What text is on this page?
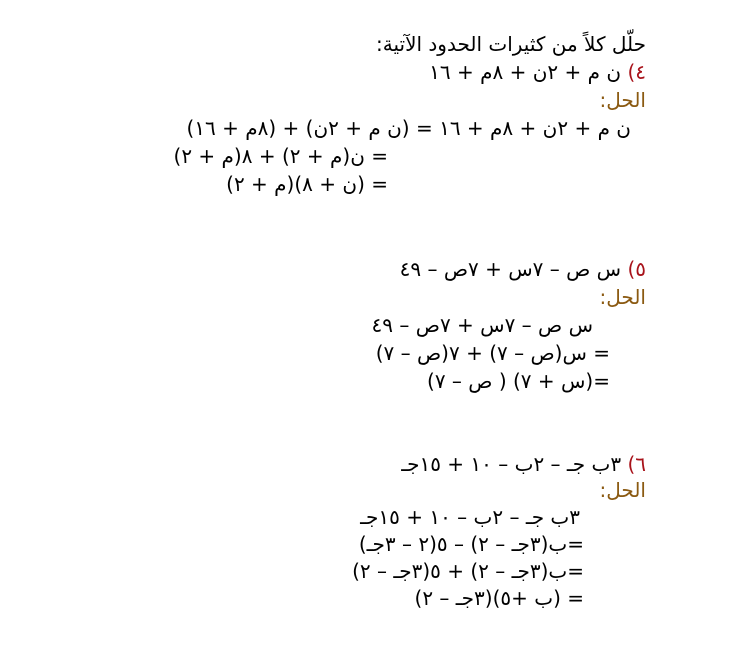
حلّل كلاً من كثيرات الحدود الآتية:
٤) ن م + ٢ن + ٨م + ١٦
الحل:
ن م + ٢ن + ٨م + ١٦ = (ن م + ٢ن) + (٨م + ١٦)
= ن(م + ٢) + ٨(م + ٢)
= (ن + ٨)(م + ٢)
٥) س ص – ٧س + ٧ص – ٤٩
الحل:
س ص – ٧س + ٧ص – ٤٩
= س(ص – ٧) + ٧(ص – ٧)
=(س + ٧) ( ص – ٧)
٦) ٣ب جـ – ٢ب – ١٠ + ١٥جـ
الحل:
٣ب جـ – ٢ب – ١٠ + ١٥جـ
=ب(٣جـ – ٢) – ٥(٢ – ٣جـ)
=ب(٣جـ – ٢) + ٥(٣جـ – ٢)
= (ب +٥)(٣جـ – ٢)
